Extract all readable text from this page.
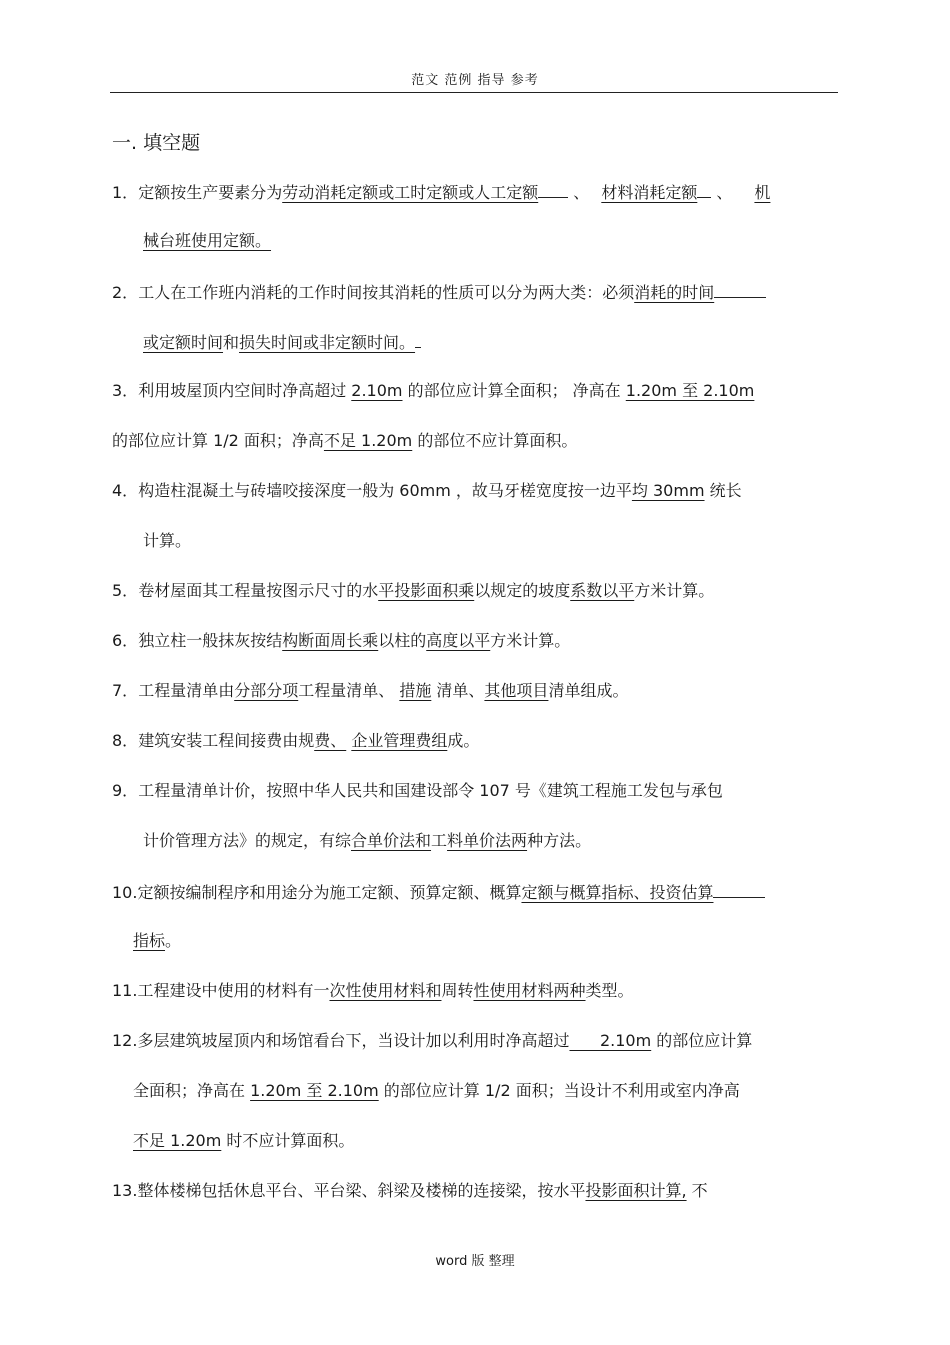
范文 范例 指导 参考
一. 填空题
1．定额按生产要素分为劳动消耗定额或工时定额或人工定额 、 材料消耗定额 、 机
械台班使用定额。
2．工人在工作班内消耗的工作时间按其消耗的性质可以分为两大类：必须消耗的时间
或定额时间和损失时间或非定额时间。
3．利用坡屋顶内空间时净高超过 2.10m 的部位应计算全面积； 净高在 1.20m 至 2.10m
的部位应计算 1/2 面积；净高不足 1.20m 的部位不应计算面积。
4．构造柱混凝土与砖墙咬接深度一般为 60mm ，故马牙槎宽度按一边平均 30mm 统长
计算。
5．卷材屋面其工程量按图示尺寸的水平投影面积乘以规定的坡度系数以平方米计算。
6．独立柱一般抹灰按结构断面周长乘以柱的高度以平方米计算。
7．工程量清单由分部分项工程量清单、 措施 清单、其他项目清单组成。
8．建筑安装工程间接费由规费、 企业管理费组成。
9．工程量清单计价，按照中华人民共和国建设部令 107 号《建筑工程施工发包与承包
计价管理方法》的规定，有综合单价法和工料单价法两种方法。
10.定额按编制程序和用途分为施工定额、预算定额、概算定额与概算指标、投资估算
指标。
11.工程建设中使用的材料有一次性使用材料和周转性使用材料两种类型。
12.多层建筑坡屋顶内和场馆看台下，当设计加以利用时净高超过      2.10m 的部位应计算
全面积；净高在 1.20m 至 2.10m 的部位应计算 1/2 面积；当设计不利用或室内净高
不足 1.20m 时不应计算面积。
13.整体楼梯包括休息平台、平台梁、斜梁及楼梯的连接梁，按水平投影面积计算, 不
word 版 整理
